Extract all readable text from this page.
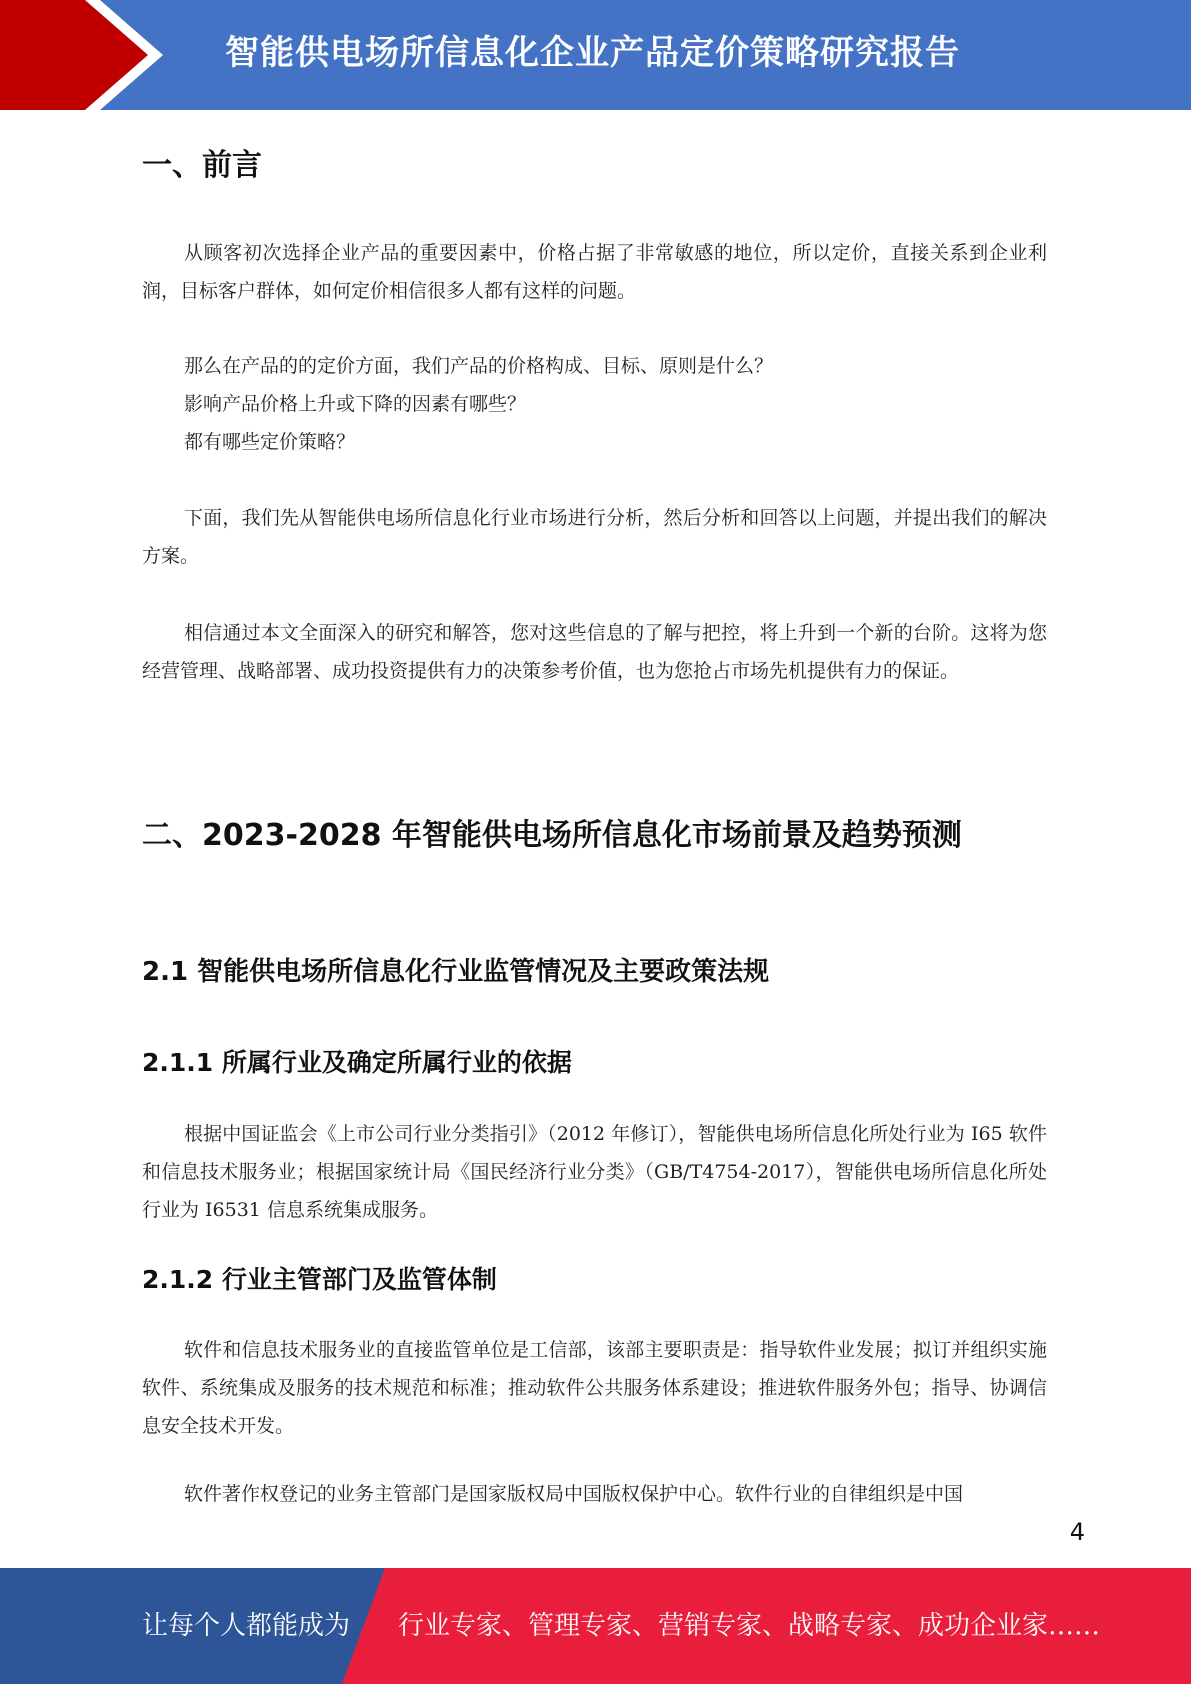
智能供电场所信息化企业产品定价策略研究报告
一、前言

从顾客初次选择企业产品的重要因素中，价格占据了非常敏感的地位，所以定价，直接关系到企业利润，目标客户群体，如何定价相信很多人都有这样的问题。

那么在产品的的定价方面，我们产品的价格构成、目标、原则是什么？
影响产品价格上升或下降的因素有哪些？
都有哪些定价策略？

下面，我们先从智能供电场所信息化行业市场进行分析，然后分析和回答以上问题，并提出我们的解决方案。

相信通过本文全面深入的研究和解答，您对这些信息的了解与把控，将上升到一个新的台阶。这将为您经营管理、战略部署、成功投资提供有力的决策参考价值，也为您抢占市场先机提供有力的保证。

二、2023-2028 年智能供电场所信息化市场前景及趋势预测
2.1 智能供电场所信息化行业监管情况及主要政策法规
2.1.1 所属行业及确定所属行业的依据

根据中国证监会《上市公司行业分类指引》（2012 年修订），智能供电场所信息化所处行业为 I65 软件和信息技术服务业；根据国家统计局《国民经济行业分类》（GB/T4754-2017），智能供电场所信息化所处行业为 I6531 信息系统集成服务。

2.1.2 行业主管部门及监管体制

软件和信息技术服务业的直接监管单位是工信部，该部主要职责是：指导软件业发展；拟订并组织实施软件、系统集成及服务的技术规范和标准；推动软件公共服务体系建设；推进软件服务外包；指导、协调信息安全技术开发。

软件著作权登记的业务主管部门是国家版权局中国版权保护中心。软件行业的自律组织是中国

4
让每个人都能成为 行业专家、管理专家、营销专家、战略专家、成功企业家……
